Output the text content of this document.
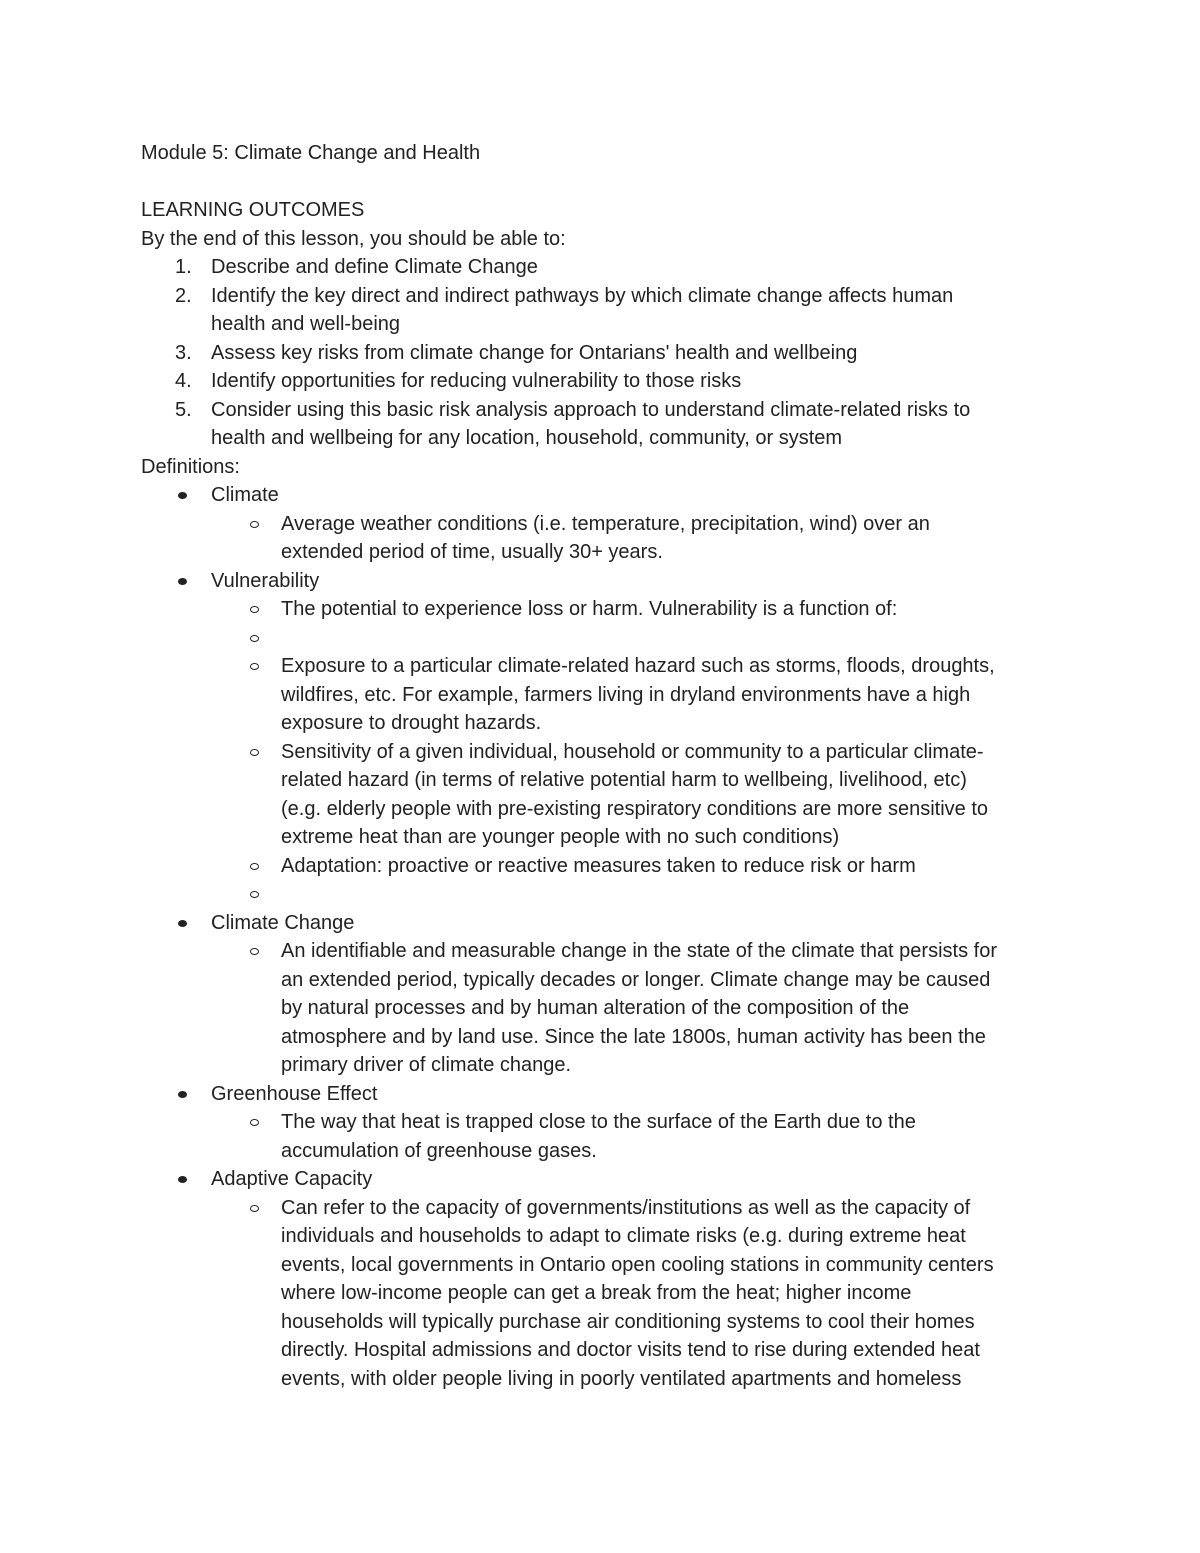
Module 5: Climate Change and Health

LEARNING OUTCOMES

By the end of this lesson, you should be able to:

1. Describe and define Climate Change
2. Identify the key direct and indirect pathways by which climate change affects human
health and well-being
3. Assess key risks from climate change for Ontarians' health and wellbeing
4. Identify opportunities for reducing vulnerability to those risks
5. Consider using this basic risk analysis approach to understand climate-related risks to
health and wellbeing for any location, household, community, or system

Definitions:

Climate
Average weather conditions (i.e. temperature, precipitation, wind) over an
extended period of time, usually 30+ years.
Vulnerability
The potential to experience loss or harm. Vulnerability is a function of:
Exposure to a particular climate-related hazard such as storms, floods, droughts,
wildfires, etc. For example, farmers living in dryland environments have a high
exposure to drought hazards.
Sensitivity of a given individual, household or community to a particular climate-
related hazard (in terms of relative potential harm to wellbeing, livelihood, etc)
(e.g. elderly people with pre-existing respiratory conditions are more sensitive to
extreme heat than are younger people with no such conditions)
Adaptation: proactive or reactive measures taken to reduce risk or harm
Climate Change
An identifiable and measurable change in the state of the climate that persists for
an extended period, typically decades or longer. Climate change may be caused
by natural processes and by human alteration of the composition of the
atmosphere and by land use. Since the late 1800s, human activity has been the
primary driver of climate change.
Greenhouse Effect
The way that heat is trapped close to the surface of the Earth due to the
accumulation of greenhouse gases.
Adaptive Capacity
Can refer to the capacity of governments/institutions as well as the capacity of
individuals and households to adapt to climate risks (e.g. during extreme heat
events, local governments in Ontario open cooling stations in community centers
where low-income people can get a break from the heat; higher income
households will typically purchase air conditioning systems to cool their homes
directly. Hospital admissions and doctor visits tend to rise during extended heat
events, with older people living in poorly ventilated apartments and homeless
